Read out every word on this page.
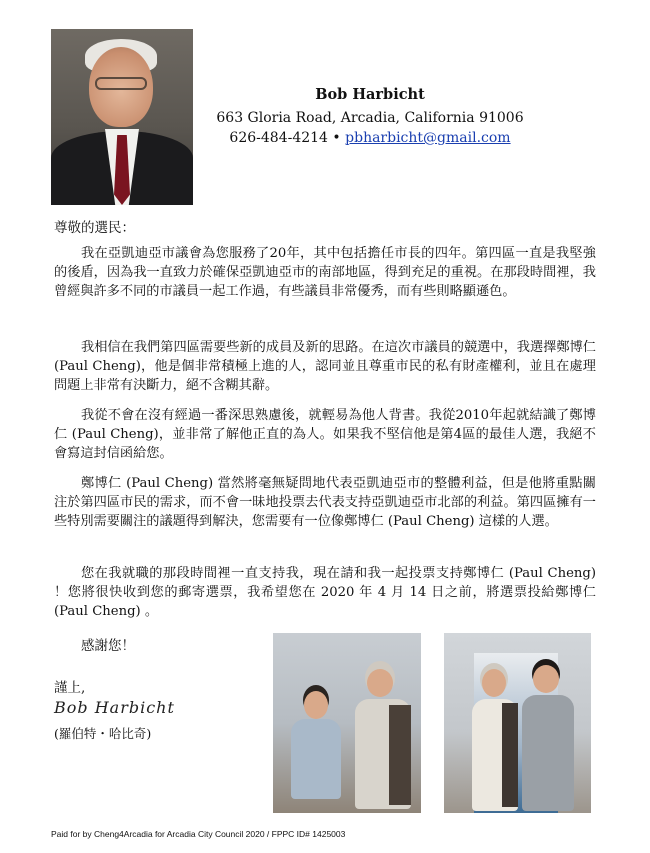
Bob Harbicht
663 Gloria Road, Arcadia, California 91006
626-484-4214 • pbharbicht@gmail.com
尊敬的選民：

我在亞凱迪亞市議會為您服務了20年，其中包括擔任市長的四年。第四區一直是我堅強的後盾，因為我一直致力於確保亞凱迪亞市的南部地區，得到充足的重視。在那段時間裡，我曾經與許多不同的市議員一起工作過，有些議員非常優秀，而有些則略顯遜色。

我相信在我們第四區需要些新的成員及新的思路。在這次市議員的競選中，我選擇鄭博仁 (Paul Cheng)，他是個非常積極上進的人，認同並且尊重市民的私有財產權利，並且在處理問題上非常有決斷力，絕不含糊其辭。

我從不會在沒有經過一番深思熟慮後，就輕易為他人背書。我從2010年起就結識了鄭博仁 (Paul Cheng)，並非常了解他正直的為人。如果我不堅信他是第4區的最佳人選，我絕不會寫這封信函給您。

鄭博仁 (Paul Cheng) 當然將毫無疑問地代表亞凱迪亞市的整體利益，但是他將重點關注於第四區市民的需求，而不會一昧地投票去代表支持亞凱迪亞市北部的利益。第四區擁有一些特別需要關注的議題得到解決，您需要有一位像鄭博仁 (Paul Cheng) 這樣的人選。

您在我就職的那段時間裡一直支持我，現在請和我一起投票支持鄭博仁 (Paul Cheng) ！您將很快收到您的郵寄選票，我希望您在 2020 年 4 月 14 日之前，將選票投給鄭博仁 (Paul Cheng) 。

感謝您！
謹上,
Bob Harbicht
(羅伯特・哈比奇)
Paid for by Cheng4Arcadia for Arcadia City Council 2020 / FPPC ID# 1425003
